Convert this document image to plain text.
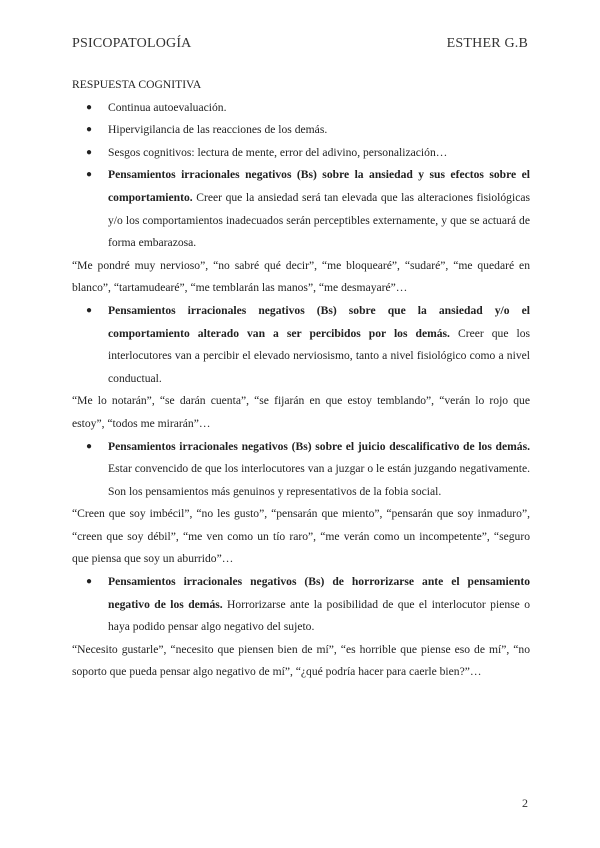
PSICOPATOLOGÍA	ESTHER G.B

RESPUESTA COGNITIVA

● Continua autoevaluación.
● Hipervigilancia de las reacciones de los demás.
● Sesgos cognitivos: lectura de mente, error del adivino, personalización…
● Pensamientos irracionales negativos (Bs) sobre la ansiedad y sus efectos sobre el comportamiento. Creer que la ansiedad será tan elevada que las alteraciones fisiológicas y/o los comportamientos inadecuados serán perceptibles externamente, y que se actuará de forma embarazosa.

“Me pondré muy nervioso”, “no sabré qué decir”, “me bloquearé”, “sudaré”, “me quedaré en blanco”, “tartamudearé”, “me temblarán las manos”, “me desmayaré”…

● Pensamientos irracionales negativos (Bs) sobre que la ansiedad y/o el comportamiento alterado van a ser percibidos por los demás. Creer que los interlocutores van a percibir el elevado nerviosismo, tanto a nivel fisiológico como a nivel conductual.

“Me lo notarán”, “se darán cuenta”, “se fijarán en que estoy temblando”, “verán lo rojo que estoy”, “todos me mirarán”…

● Pensamientos irracionales negativos (Bs) sobre el juicio descalificativo de los demás. Estar convencido de que los interlocutores van a juzgar o le están juzgando negativamente. Son los pensamientos más genuinos y representativos de la fobia social.

“Creen que soy imbécil”, “no les gusto”, “pensarán que miento”, “pensarán que soy inmaduro”, “creen que soy débil”, “me ven como un tío raro”, “me verán como un incompetente”, “seguro que piensa que soy un aburrido”…

● Pensamientos irracionales negativos (Bs) de horrorizarse ante el pensamiento negativo de los demás. Horrorizarse ante la posibilidad de que el interlocutor piense o haya podido pensar algo negativo del sujeto.

“Necesito gustarle”, “necesito que piensen bien de mí”, “es horrible que piense eso de mí”, “no soporto que pueda pensar algo negativo de mí”, “¿qué podría hacer para caerle bien?”…

2
